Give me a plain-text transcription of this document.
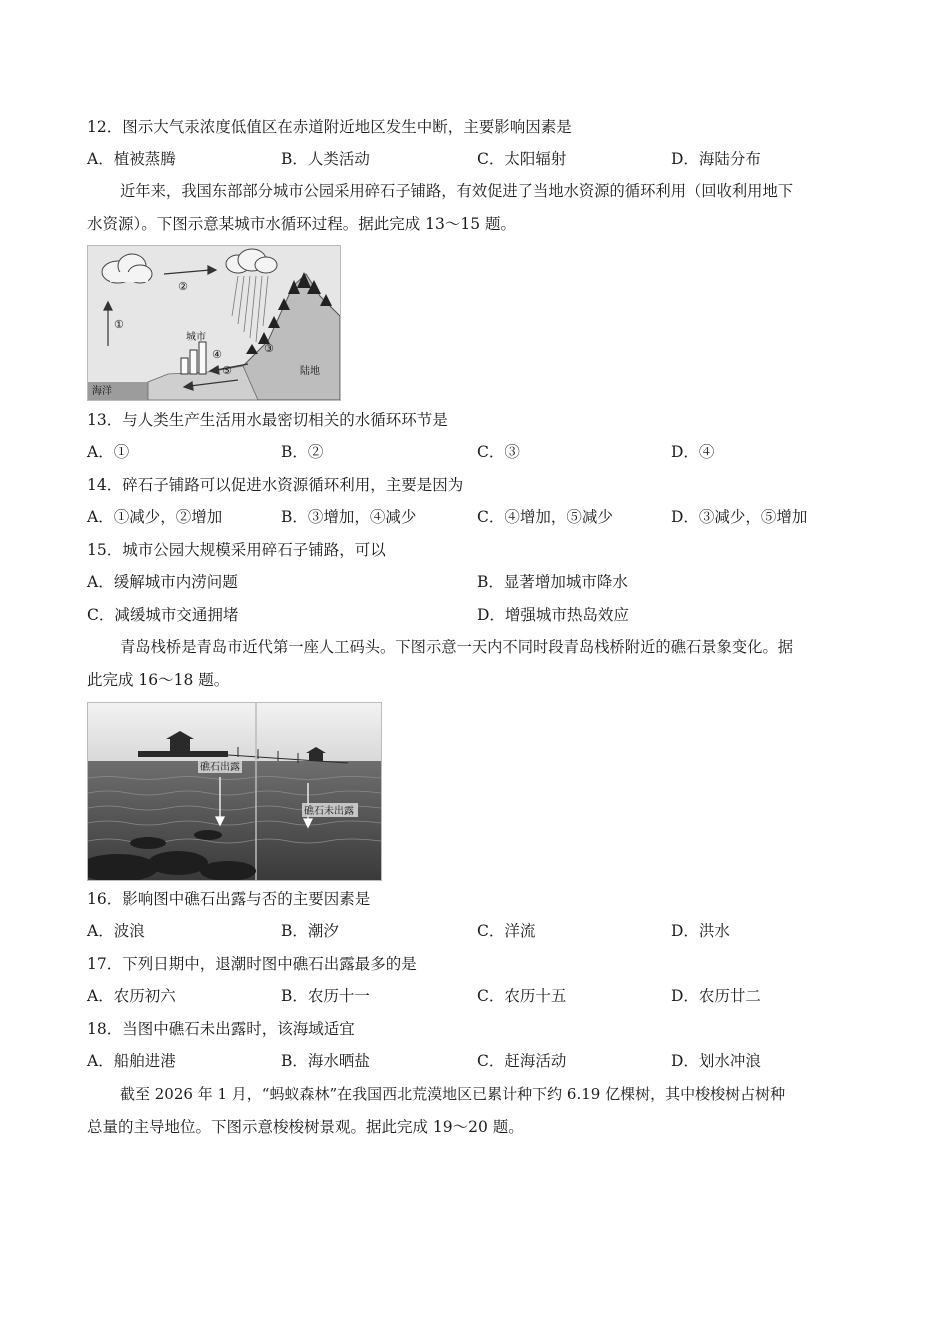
12．图示大气汞浓度低值区在赤道附近地区发生中断，主要影响因素是
A．植被蒸腾	B．人类活动	C．太阳辐射	D．海陆分布
近年来，我国东部部分城市公园采用碎石子铺路，有效促进了当地水资源的循环利用（回收利用地下
水资源）。下图示意某城市水循环过程。据此完成 13～15 题。
①
②
③
④
⑤
城市
海洋
陆地
13．与人类生产生活用水最密切相关的水循环环节是
A．①	B．②	C．③	D．④
14．碎石子铺路可以促进水资源循环利用，主要是因为
A．①减少，②增加	B．③增加，④减少	C．④增加，⑤减少	D．③减少，⑤增加
15．城市公园大规模采用碎石子铺路，可以
A．缓解城市内涝问题	B．显著增加城市降水
C．减缓城市交通拥堵	D．增强城市热岛效应
青岛栈桥是青岛市近代第一座人工码头。下图示意一天内不同时段青岛栈桥附近的礁石景象变化。据
此完成 16～18 题。
礁石出露
礁石未出露
16．影响图中礁石出露与否的主要因素是
A．波浪	B．潮汐	C．洋流	D．洪水
17．下列日期中，退潮时图中礁石出露最多的是
A．农历初六	B．农历十一	C．农历十五	D．农历廿二
18．当图中礁石未出露时，该海域适宜
A．船舶进港	B．海水晒盐	C．赶海活动	D．划水冲浪
截至 2026 年 1 月，“蚂蚁森林”在我国西北荒漠地区已累计种下约 6.19 亿棵树，其中梭梭树占树种
总量的主导地位。下图示意梭梭树景观。据此完成 19～20 题。
